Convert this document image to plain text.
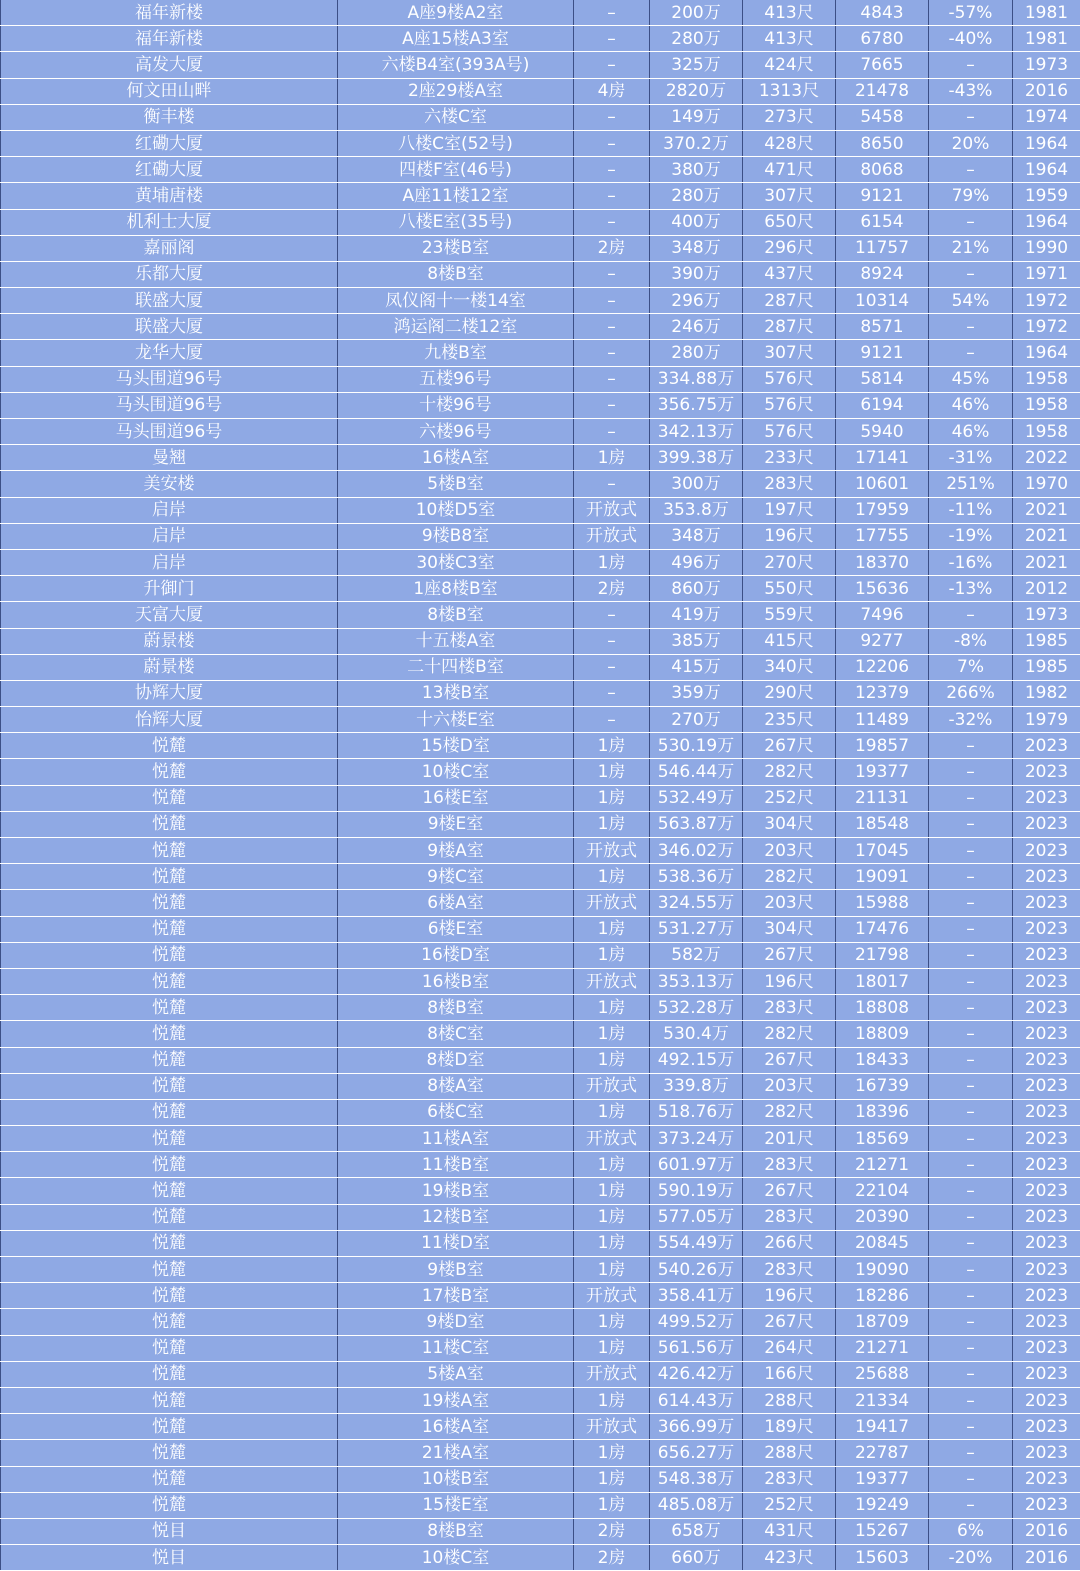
福年新楼	A座9楼A2室	–	200万	413尺	4843	-57%	1981
福年新楼	A座15楼A3室	–	280万	413尺	6780	-40%	1981
高发大厦	六楼B4室(393A号)	–	325万	424尺	7665	–	1973
何文田山畔	2座29楼A室	4房	2820万	1313尺	21478	-43%	2016
衡丰楼	六楼C室	–	149万	273尺	5458	–	1974
红磡大厦	八楼C室(52号)	–	370.2万	428尺	8650	20%	1964
红磡大厦	四楼F室(46号)	–	380万	471尺	8068	–	1964
黄埔唐楼	A座11楼12室	–	280万	307尺	9121	79%	1959
机利士大厦	八楼E室(35号)	–	400万	650尺	6154	–	1964
嘉丽阁	23楼B室	2房	348万	296尺	11757	21%	1990
乐都大厦	8楼B室	–	390万	437尺	8924	–	1971
联盛大厦	凤仪阁十一楼14室	–	296万	287尺	10314	54%	1972
联盛大厦	鸿运阁二楼12室	–	246万	287尺	8571	–	1972
龙华大厦	九楼B室	–	280万	307尺	9121	–	1964
马头围道96号	五楼96号	–	334.88万	576尺	5814	45%	1958
马头围道96号	十楼96号	–	356.75万	576尺	6194	46%	1958
马头围道96号	六楼96号	–	342.13万	576尺	5940	46%	1958
曼翘	16楼A室	1房	399.38万	233尺	17141	-31%	2022
美安楼	5楼B室	–	300万	283尺	10601	251%	1970
启岸	10楼D5室	开放式	353.8万	197尺	17959	-11%	2021
启岸	9楼B8室	开放式	348万	196尺	17755	-19%	2021
启岸	30楼C3室	1房	496万	270尺	18370	-16%	2021
升御门	1座8楼B室	2房	860万	550尺	15636	-13%	2012
天富大厦	8楼B室	–	419万	559尺	7496	–	1973
蔚景楼	十五楼A室	–	385万	415尺	9277	-8%	1985
蔚景楼	二十四楼B室	–	415万	340尺	12206	7%	1985
协辉大厦	13楼B室	–	359万	290尺	12379	266%	1982
怡辉大厦	十六楼E室	–	270万	235尺	11489	-32%	1979
悦麓	15楼D室	1房	530.19万	267尺	19857	–	2023
悦麓	10楼C室	1房	546.44万	282尺	19377	–	2023
悦麓	16楼E室	1房	532.49万	252尺	21131	–	2023
悦麓	9楼E室	1房	563.87万	304尺	18548	–	2023
悦麓	9楼A室	开放式	346.02万	203尺	17045	–	2023
悦麓	9楼C室	1房	538.36万	282尺	19091	–	2023
悦麓	6楼A室	开放式	324.55万	203尺	15988	–	2023
悦麓	6楼E室	1房	531.27万	304尺	17476	–	2023
悦麓	16楼D室	1房	582万	267尺	21798	–	2023
悦麓	16楼B室	开放式	353.13万	196尺	18017	–	2023
悦麓	8楼B室	1房	532.28万	283尺	18808	–	2023
悦麓	8楼C室	1房	530.4万	282尺	18809	–	2023
悦麓	8楼D室	1房	492.15万	267尺	18433	–	2023
悦麓	8楼A室	开放式	339.8万	203尺	16739	–	2023
悦麓	6楼C室	1房	518.76万	282尺	18396	–	2023
悦麓	11楼A室	开放式	373.24万	201尺	18569	–	2023
悦麓	11楼B室	1房	601.97万	283尺	21271	–	2023
悦麓	19楼B室	1房	590.19万	267尺	22104	–	2023
悦麓	12楼B室	1房	577.05万	283尺	20390	–	2023
悦麓	11楼D室	1房	554.49万	266尺	20845	–	2023
悦麓	9楼B室	1房	540.26万	283尺	19090	–	2023
悦麓	17楼B室	开放式	358.41万	196尺	18286	–	2023
悦麓	9楼D室	1房	499.52万	267尺	18709	–	2023
悦麓	11楼C室	1房	561.56万	264尺	21271	–	2023
悦麓	5楼A室	开放式	426.42万	166尺	25688	–	2023
悦麓	19楼A室	1房	614.43万	288尺	21334	–	2023
悦麓	16楼A室	开放式	366.99万	189尺	19417	–	2023
悦麓	21楼A室	1房	656.27万	288尺	22787	–	2023
悦麓	10楼B室	1房	548.38万	283尺	19377	–	2023
悦麓	15楼E室	1房	485.08万	252尺	19249	–	2023
悦目	8楼B室	2房	658万	431尺	15267	6%	2016
悦目	10楼C室	2房	660万	423尺	15603	-20%	2016
